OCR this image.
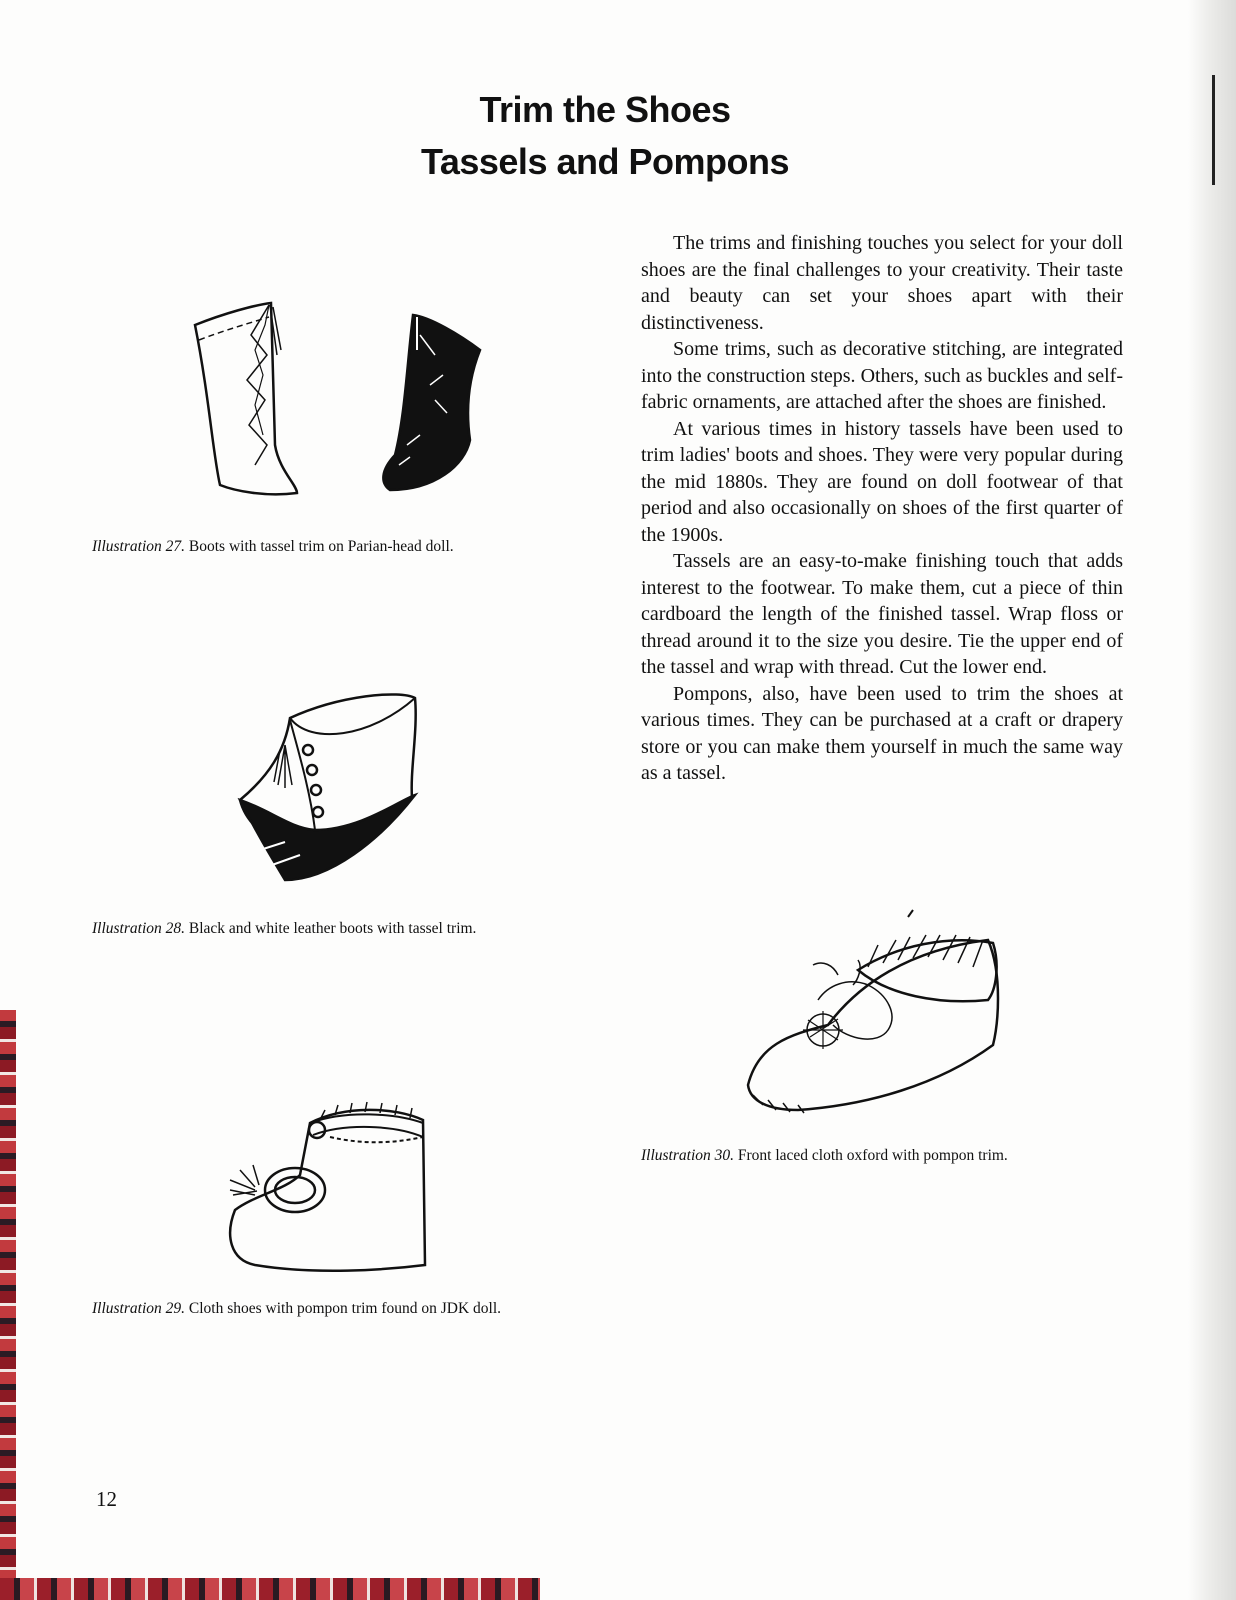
Trim the Shoes
Tassels and Pompons
Illustration 27. Boots with tassel trim on Parian-head doll.
Illustration 28. Black and white leather boots with tassel trim.
Illustration 29. Cloth shoes with pompon trim found on JDK doll.
Illustration 30. Front laced cloth oxford with pompon trim.

The trims and finishing touches you select for your doll shoes are the final challenges to your creativity. Their taste and beauty can set your shoes apart with their distinctiveness.

Some trims, such as decorative stitching, are integrated into the construction steps. Others, such as buckles and self-fabric ornaments, are attached after the shoes are finished.

At various times in history tassels have been used to trim ladies' boots and shoes. They were very popular during the mid 1880s. They are found on doll footwear of that period and also occasionally on shoes of the first quarter of the 1900s.

Tassels are an easy-to-make finishing touch that adds interest to the footwear. To make them, cut a piece of thin cardboard the length of the finished tassel. Wrap floss or thread around it to the size you desire. Tie the upper end of the tassel and wrap with thread. Cut the lower end.

Pompons, also, have been used to trim the shoes at various times. They can be purchased at a craft or drapery store or you can make them yourself in much the same way as a tassel.

12
